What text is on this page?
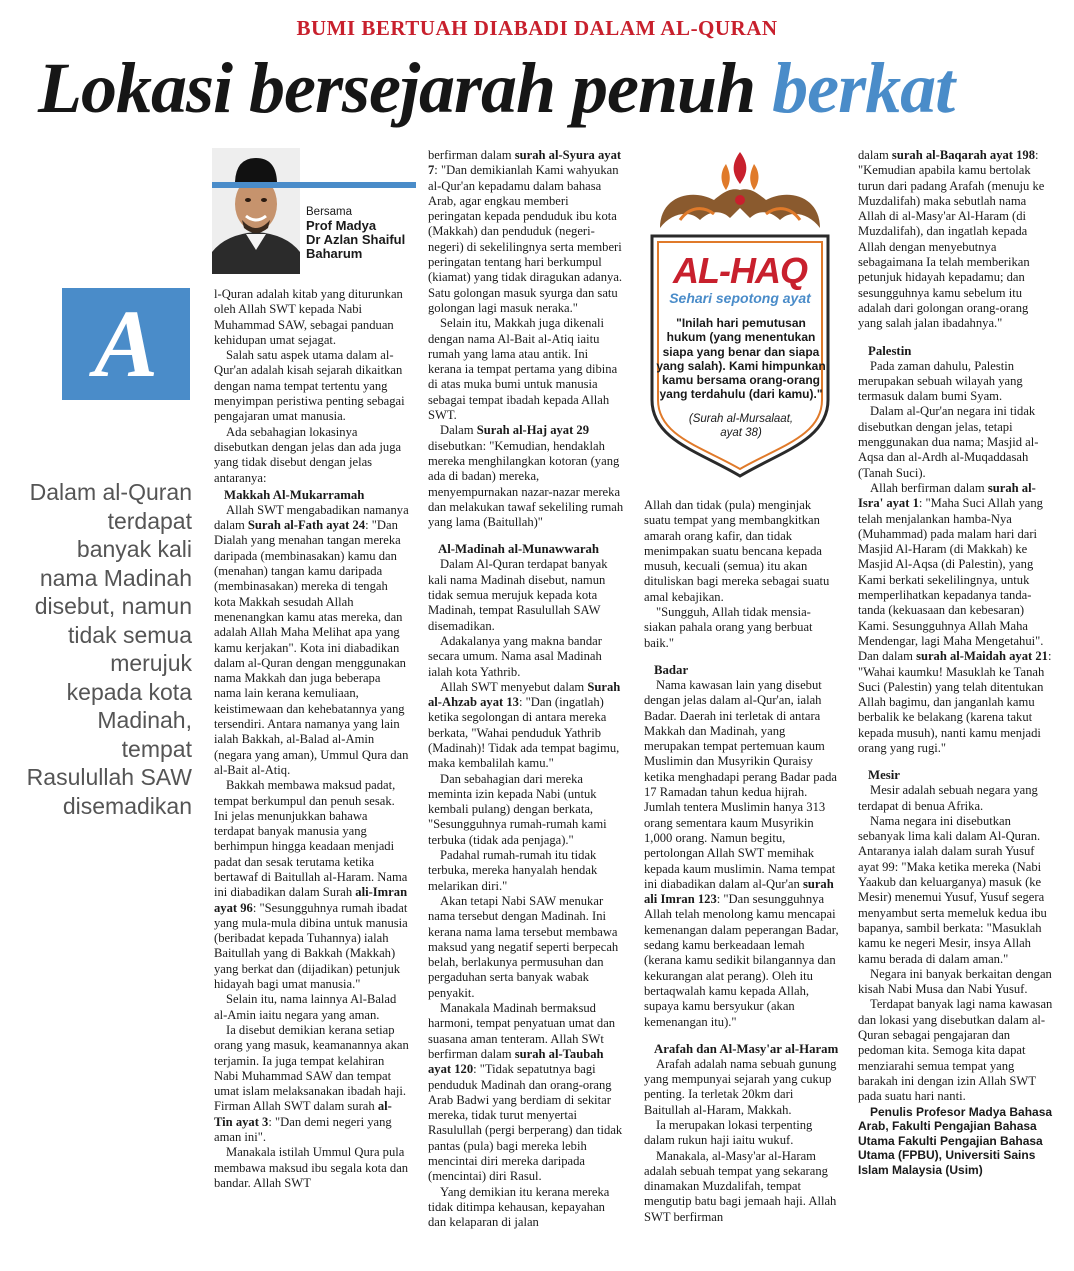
BUMI BERTUAH DIABADI DALAM AL-QURAN
Lokasi bersejarah penuh berkat
Bersama
Prof Madya
Dr Azlan Shaiful
Baharum
A
Dalam al-Quran
terdapat
banyak kali
nama Madinah
disebut, namun
tidak semua
merujuk
kepada kota
Madinah,
tempat
Rasulullah SAW
disemadikan
AL-HAQ
Sehari sepotong ayat
"Inilah hari pemutusan hukum (yang menentukan siapa yang benar dan siapa yang salah). Kami himpunkan kamu bersama orang-orang yang terdahulu (dari kamu)."
(Surah al-Mursalaat,
ayat 38)

l-Quran adalah kitab yang diturunkan oleh Allah SWT kepada Nabi Muhammad SAW, sebagai panduan kehidupan umat sejagat.

Salah satu aspek utama dalam al-Qur'an adalah kisah sejarah dikaitkan dengan nama tempat tertentu yang menyimpan peristiwa penting sebagai pengajaran umat manusia.

Ada sebahagian lokasinya disebutkan dengan jelas dan ada juga yang tidak disebut dengan jelas antaranya:

Makkah Al-Mukarramah

Allah SWT mengabadikan namanya dalam Surah al-Fath ayat 24: "Dan Dialah yang menahan tangan mereka daripada (membinasakan) kamu dan (menahan) tangan kamu daripada (membinasakan) mereka di tengah kota Makkah sesudah Allah menenangkan kamu atas mereka, dan adalah Allah Maha Melihat apa yang kamu kerjakan". Kota ini diabadikan dalam al-Quran dengan menggunakan nama Makkah dan juga beberapa nama lain kerana kemuliaan, keistimewaan dan kehebatannya yang tersendiri. Antara namanya yang lain ialah Bakkah, al-Balad al-Amin (negara yang aman), Ummul Qura dan al-Bait al-Atiq.

Bakkah membawa maksud padat, tempat berkumpul dan penuh sesak. Ini jelas menunjukkan bahawa terdapat banyak manusia yang berhimpun hingga keadaan menjadi padat dan sesak terutama ketika bertawaf di Baitullah al-Haram. Nama ini diabadikan dalam Surah ali-Imran ayat 96: "Sesungguhnya rumah ibadat yang mula-mula dibina untuk manusia (beribadat kepada Tuhannya) ialah Baitullah yang di Bakkah (Makkah) yang berkat dan (dijadikan) petunjuk hidayah bagi umat manusia."

Selain itu, nama lainnya Al-Balad al-Amin iaitu negara yang aman.

Ia disebut demikian kerana setiap orang yang masuk, keamanannya akan terjamin. Ia juga tempat kelahiran Nabi Muhammad SAW dan tempat umat islam melaksanakan ibadah haji. Firman Allah SWT dalam surah al-Tin ayat 3: "Dan demi negeri yang aman ini".

Manakala istilah Ummul Qura pula membawa maksud ibu segala kota dan bandar. Allah SWT

berfirman dalam surah al-Syura ayat 7: "Dan demikianlah Kami wahyukan al-Qur'an kepadamu dalam bahasa Arab, agar engkau memberi peringatan kepada penduduk ibu kota (Makkah) dan penduduk (negeri-negeri) di sekelilingnya serta memberi peringatan tentang hari berkumpul (kiamat) yang tidak diragukan adanya. Satu golongan masuk syurga dan satu golongan lagi masuk neraka."

Selain itu, Makkah juga dikenali dengan nama Al-Bait al-Atiq iaitu rumah yang lama atau antik. Ini kerana ia tempat pertama yang dibina di atas muka bumi untuk manusia sebagai tempat ibadah kepada Allah SWT.

Dalam Surah al-Haj ayat 29 disebutkan: "Kemudian, hendaklah mereka menghilangkan kotoran (yang ada di badan) mereka, menyempurnakan nazar-nazar mereka dan melakukan tawaf sekeliling rumah yang lama (Baitullah)"

Al-Madinah al-Munawwarah

Dalam Al-Quran terdapat banyak kali nama Madinah disebut, namun tidak semua merujuk kepada kota Madinah, tempat Rasulullah SAW disemadikan.

Adakalanya yang makna bandar secara umum. Nama asal Madinah ialah kota Yathrib.

Allah SWT menyebut dalam Surah al-Ahzab ayat 13: "Dan (ingatlah) ketika segolongan di antara mereka berkata, "Wahai penduduk Yathrib (Madinah)! Tidak ada tempat bagimu, maka kembalilah kamu."

Dan sebahagian dari mereka meminta izin kepada Nabi (untuk kembali pulang) dengan berkata, "Sesungguhnya rumah-rumah kami terbuka (tidak ada penjaga)."

Padahal rumah-rumah itu tidak terbuka, mereka hanyalah hendak melarikan diri."

Akan tetapi Nabi SAW menukar nama tersebut dengan Madinah. Ini kerana nama lama tersebut membawa maksud yang negatif seperti berpecah belah, berlakunya permusuhan dan pergaduhan serta banyak wabak penyakit.

Manakala Madinah bermaksud harmoni, tempat penyatuan umat dan suasana aman tenteram. Allah SWt berfirman dalam surah al-Taubah ayat 120: "Tidak sepatutnya bagi penduduk Madinah dan orang-orang Arab Badwi yang berdiam di sekitar mereka, tidak turut menyertai Rasulullah (pergi berperang) dan tidak pantas (pula) bagi mereka lebih mencintai diri mereka daripada (mencintai) diri Rasul.

Yang demikian itu kerana mereka tidak ditimpa kehausan, kepayahan dan kelaparan di jalan

Allah dan tidak (pula) menginjak suatu tempat yang membangkitkan amarah orang kafir, dan tidak menimpakan suatu bencana kepada musuh, kecuali (semua) itu akan dituliskan bagi mereka sebagai suatu amal kebajikan.

"Sungguh, Allah tidak mensia-siakan pahala orang yang berbuat baik."

Badar

Nama kawasan lain yang disebut dengan jelas dalam al-Qur'an, ialah Badar. Daerah ini terletak di antara Makkah dan Madinah, yang merupakan tempat pertemuan kaum Muslimin dan Musyrikin Quraisy ketika menghadapi perang Badar pada 17 Ramadan tahun kedua hijrah. Jumlah tentera Muslimin hanya 313 orang sementara kaum Musyrikin 1,000 orang. Namun begitu, pertolongan Allah SWT memihak kepada kaum muslimin. Nama tempat ini diabadikan dalam al-Qur'an surah ali Imran 123: "Dan sesungguhnya Allah telah menolong kamu mencapai kemenangan dalam peperangan Badar, sedang kamu berkeadaan lemah (kerana kamu sedikit bilangannya dan kekurangan alat perang). Oleh itu bertaqwalah kamu kepada Allah, supaya kamu bersyukur (akan kemenangan itu)."

Arafah dan Al-Masy'ar al-Haram

Arafah adalah nama sebuah gunung yang mempunyai sejarah yang cukup penting. Ia terletak 20km dari Baitullah al-Haram, Makkah.

Ia merupakan lokasi terpenting dalam rukun haji iaitu wukuf.

Manakala, al-Masy'ar al-Haram adalah sebuah tempat yang sekarang dinamakan Muzdalifah, tempat mengutip batu bagi jemaah haji. Allah SWT berfirman

dalam surah al-Baqarah ayat 198: "Kemudian apabila kamu bertolak turun dari padang Arafah (menuju ke Muzdalifah) maka sebutlah nama Allah di al-Masy'ar Al-Haram (di Muzdalifah), dan ingatlah kepada Allah dengan menyebutnya sebagaimana Ia telah memberikan petunjuk hidayah kepadamu; dan sesungguhnya kamu sebelum itu adalah dari golongan orang-orang yang salah jalan ibadahnya."

Palestin

Pada zaman dahulu, Palestin merupakan sebuah wilayah yang termasuk dalam bumi Syam.

Dalam al-Qur'an negara ini tidak disebutkan dengan jelas, tetapi menggunakan dua nama; Masjid al-Aqsa dan al-Ardh al-Muqaddasah (Tanah Suci).

Allah berfirman dalam surah al-Isra' ayat 1: "Maha Suci Allah yang telah menjalankan hamba-Nya (Muhammad) pada malam hari dari Masjid Al-Haram (di Makkah) ke Masjid Al-Aqsa (di Palestin), yang Kami berkati sekelilingnya, untuk memperlihatkan kepadanya tanda-tanda (kekuasaan dan kebesaran) Kami. Sesungguhnya Allah Maha Mendengar, lagi Maha Mengetahui". Dan dalam surah al-Maidah ayat 21: "Wahai kaumku! Masuklah ke Tanah Suci (Palestin) yang telah ditentukan Allah bagimu, dan janganlah kamu berbalik ke belakang (karena takut kepada musuh), nanti kamu menjadi orang yang rugi."

Mesir

Mesir adalah sebuah negara yang terdapat di benua Afrika.

Nama negara ini disebutkan sebanyak lima kali dalam Al-Quran. Antaranya ialah dalam surah Yusuf ayat 99: "Maka ketika mereka (Nabi Yaakub dan keluarganya) masuk (ke Mesir) menemui Yusuf, Yusuf segera menyambut serta memeluk kedua ibu bapanya, sambil berkata: "Masuklah kamu ke negeri Mesir, insya Allah kamu berada di dalam aman."

Negara ini banyak berkaitan dengan kisah Nabi Musa dan Nabi Yusuf.

Terdapat banyak lagi nama kawasan dan lokasi yang disebutkan dalam al-Quran sebagai pengajaran dan pedoman kita. Semoga kita dapat menziarahi semua tempat yang barakah ini dengan izin Allah SWT pada suatu hari nanti.

Penulis Profesor Madya Bahasa Arab, Fakulti Pengajian Bahasa Utama Fakulti Pengajian Bahasa Utama (FPBU), Universiti Sains Islam Malaysia (Usim)
